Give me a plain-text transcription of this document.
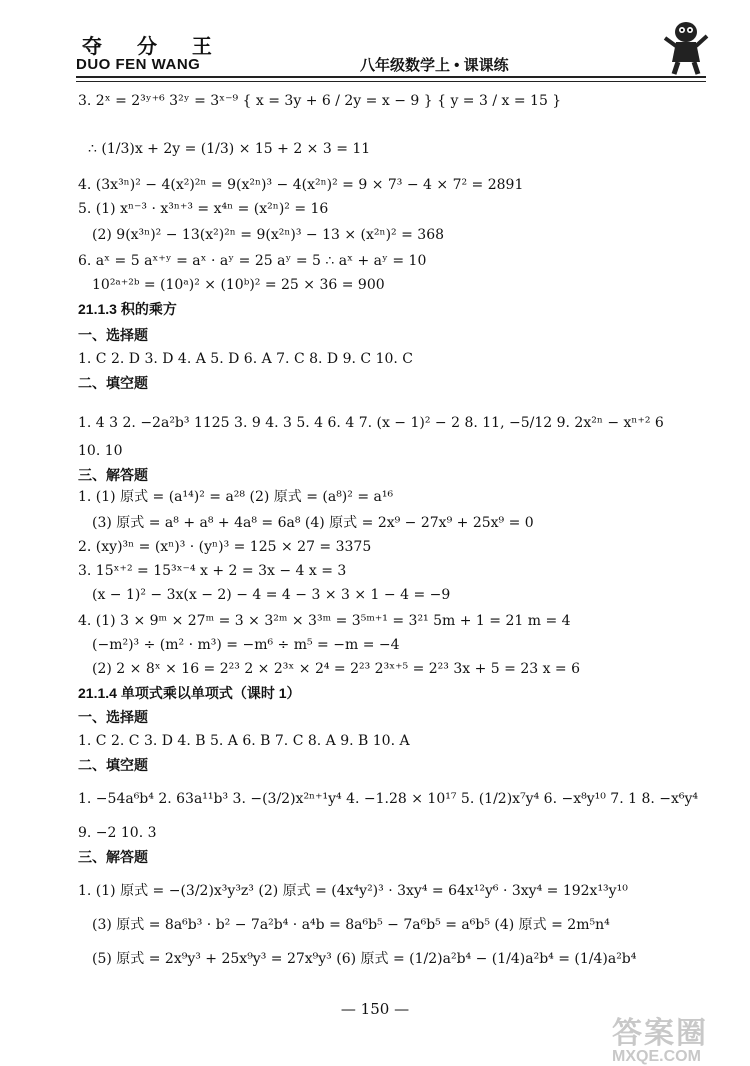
夺 分 王
DUO FEN WANG	八年级数学上 • 课课练
3. 2ˣ = 2³ʸ⁺⁶ 3²ʸ = 3ˣ⁻⁹ { x = 3y + 6 / 2y = x − 9 } { y = 3 / x = 15 }
∴ (1/3)x + 2y = (1/3) × 15 + 2 × 3 = 11
4. (3x³ⁿ)² − 4(x²)²ⁿ = 9(x²ⁿ)³ − 4(x²ⁿ)² = 9 × 7³ − 4 × 7² = 2891
5. (1) xⁿ⁻³ · x³ⁿ⁺³ = x⁴ⁿ = (x²ⁿ)² = 16
(2) 9(x³ⁿ)² − 13(x²)²ⁿ = 9(x²ⁿ)³ − 13 × (x²ⁿ)² = 368
6. aˣ = 5 aˣ⁺ʸ = aˣ · aʸ = 25 aʸ = 5 ∴ aˣ + aʸ = 10
10²ᵃ⁺²ᵇ = (10ᵃ)² × (10ᵇ)² = 25 × 36 = 900
21.1.3 积的乘方
一、选择题
1. C 2. D 3. D 4. A 5. D 6. A 7. C 8. D 9. C 10. C
二、填空题
1. 4 3 2. −2a²b³ 1125 3. 9 4. 3 5. 4 6. 4 7. (x − 1)² − 2 8. 11, −5/12 9. 2x²ⁿ − xⁿ⁺² 6
10. 10
三、解答题
1. (1) 原式 = (a¹⁴)² = a²⁸ (2) 原式 = (a⁸)² = a¹⁶
(3) 原式 = a⁸ + a⁸ + 4a⁸ = 6a⁸ (4) 原式 = 2x⁹ − 27x⁹ + 25x⁹ = 0
2. (xy)³ⁿ = (xⁿ)³ · (yⁿ)³ = 125 × 27 = 3375
3. 15ˣ⁺² = 15³ˣ⁻⁴ x + 2 = 3x − 4 x = 3
(x − 1)² − 3x(x − 2) − 4 = 4 − 3 × 3 × 1 − 4 = −9
4. (1) 3 × 9ᵐ × 27ᵐ = 3 × 3²ᵐ × 3³ᵐ = 3⁵ᵐ⁺¹ = 3²¹ 5m + 1 = 21 m = 4
(−m²)³ ÷ (m² · m³) = −m⁶ ÷ m⁵ = −m = −4
(2) 2 × 8ˣ × 16 = 2²³ 2 × 2³ˣ × 2⁴ = 2²³ 2³ˣ⁺⁵ = 2²³ 3x + 5 = 23 x = 6
21.1.4 单项式乘以单项式（课时 1）
一、选择题
1. C 2. C 3. D 4. B 5. A 6. B 7. C 8. A 9. B 10. A
二、填空题
1. −54a⁶b⁴ 2. 63a¹¹b³ 3. −(3/2)x²ⁿ⁺¹y⁴ 4. −1.28 × 10¹⁷ 5. (1/2)x⁷y⁴ 6. −x⁸y¹⁰ 7. 1 8. −x⁶y⁴
9. −2 10. 3
三、解答题
1. (1) 原式 = −(3/2)x³y³z³ (2) 原式 = (4x⁴y²)³ · 3xy⁴ = 64x¹²y⁶ · 3xy⁴ = 192x¹³y¹⁰
(3) 原式 = 8a⁶b³ · b² − 7a²b⁴ · a⁴b = 8a⁶b⁵ − 7a⁶b⁵ = a⁶b⁵ (4) 原式 = 2m⁵n⁴
(5) 原式 = 2x⁹y³ + 25x⁹y³ = 27x⁹y³ (6) 原式 = (1/2)a²b⁴ − (1/4)a²b⁴ = (1/4)a²b⁴
— 150 —
答案圈
MXQE.COM
